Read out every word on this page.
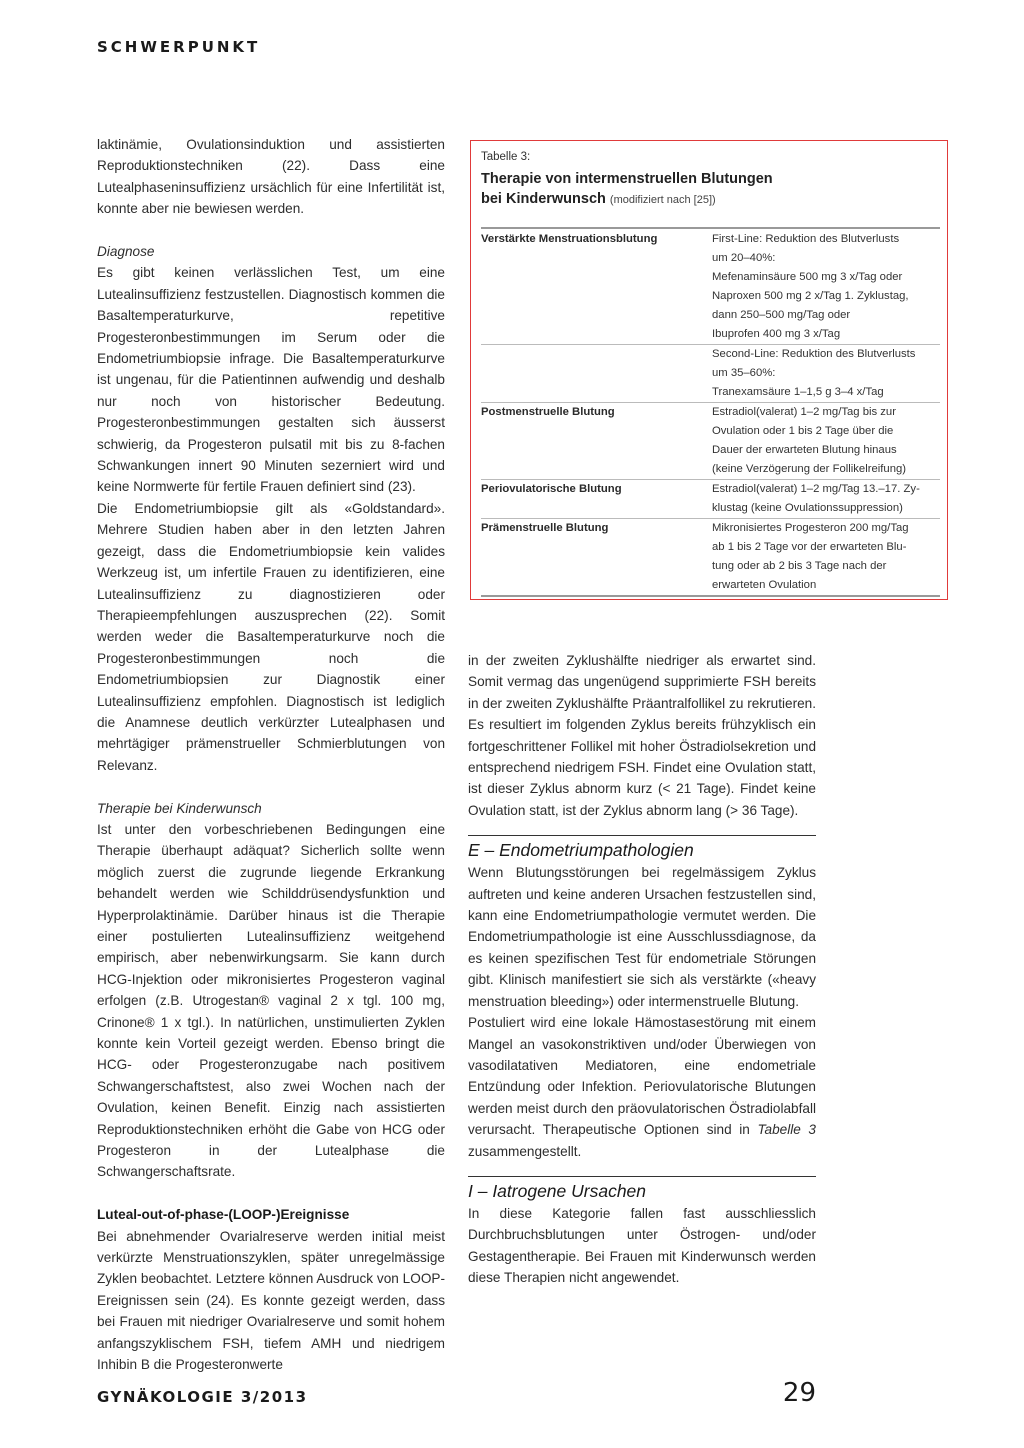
SCHWERPUNKT

laktinämie, Ovulationsinduktion und assistierten Reproduktionstechniken (22). Dass eine Lutealphaseninsuffizienz ursächlich für eine Infertilität ist, konnte aber nie bewiesen werden.

Diagnose

Es gibt keinen verlässlichen Test, um eine Lutealinsuffizienz festzustellen. Diagnostisch kommen die Basaltemperaturkurve, repetitive Progesteronbestimmungen im Serum oder die Endometriumbiopsie infrage. Die Basaltemperaturkurve ist ungenau, für die Patientinnen aufwendig und deshalb nur noch von historischer Bedeutung. Progesteronbestimmungen gestalten sich äusserst schwierig, da Progesteron pulsatil mit bis zu 8-fachen Schwankungen innert 90 Minuten sezerniert wird und keine Normwerte für fertile Frauen definiert sind (23).

Die Endometriumbiopsie gilt als «Goldstandard». Mehrere Studien haben aber in den letzten Jahren gezeigt, dass die Endometriumbiopsie kein valides Werkzeug ist, um infertile Frauen zu identifizieren, eine Lutealinsuffizienz zu diagnostizieren oder Therapieempfehlungen auszusprechen (22). Somit werden weder die Basaltemperaturkurve noch die Progesteronbestimmungen noch die Endometriumbiopsien zur Diagnostik einer Lutealinsuffizienz empfohlen. Diagnostisch ist lediglich die Anamnese deutlich verkürzter Lutealphasen und mehrtägiger prämenstrueller Schmierblutungen von Relevanz.

Therapie bei Kinderwunsch

Ist unter den vorbeschriebenen Bedingungen eine Therapie überhaupt adäquat? Sicherlich sollte wenn möglich zuerst die zugrunde liegende Erkrankung behandelt werden wie Schilddrüsendysfunktion und Hyperprolaktinämie. Darüber hinaus ist die Therapie einer postulierten Lutealinsuffizienz weitgehend empirisch, aber nebenwirkungsarm. Sie kann durch HCG-Injektion oder mikronisiertes Progesteron vaginal erfolgen (z.B. Utrogestan® vaginal 2 x tgl. 100 mg, Crinone® 1 x tgl.). In natürlichen, unstimulierten Zyklen konnte kein Vorteil gezeigt werden. Ebenso bringt die HCG- oder Progesteronzugabe nach positivem Schwangerschaftstest, also zwei Wochen nach der Ovulation, keinen Benefit. Einzig nach assistierten Reproduktionstechniken erhöht die Gabe von HCG oder Progesteron in der Lutealphase die Schwangerschaftsrate.

Luteal-out-of-phase-(LOOP-)Ereignisse

Bei abnehmender Ovarialreserve werden initial meist verkürzte Menstruationszyklen, später unregelmässige Zyklen beobachtet. Letztere können Ausdruck von LOOP-Ereignissen sein (24). Es konnte gezeigt werden, dass bei Frauen mit niedriger Ovarialreserve und somit hohem anfangszyklischem FSH, tiefem AMH und niedrigem Inhibin B die Progesteronwerte

Tabelle 3:
Therapie von intermenstruellen Blutungen
bei Kinderwunsch (modifiziert nach [25])
Verstärkte Menstruationsblutung	First-Line: Reduktion des Blutverlusts
um 20–40%:
Mefenaminsäure 500 mg 3 x/Tag oder
Naproxen 500 mg 2 x/Tag 1. Zyklustag,
dann 250–500 mg/Tag oder
Ibuprofen 400 mg 3 x/Tag
Second-Line: Reduktion des Blutverlusts
um 35–60%:
Tranexamsäure 1–1,5 g 3–4 x/Tag
Postmenstruelle Blutung	Estradiol(valerat) 1–2 mg/Tag bis zur
Ovulation oder 1 bis 2 Tage über die
Dauer der erwarteten Blutung hinaus
(keine Verzögerung der Follikelreifung)
Periovulatorische Blutung	Estradiol(valerat) 1–2 mg/Tag 13.–17. Zy-
klustag (keine Ovulationssuppression)
Prämenstruelle Blutung	Mikronisiertes Progesteron 200 mg/Tag
ab 1 bis 2 Tage vor der erwarteten Blu-
tung oder ab 2 bis 3 Tage nach der
erwarteten Ovulation

in der zweiten Zyklushälfte niedriger als erwartet sind. Somit vermag das ungenügend supprimierte FSH bereits in der zweiten Zyklushälfte Präantralfollikel zu rekrutieren. Es resultiert im folgenden Zyklus bereits frühzyklisch ein fortgeschrittener Follikel mit hoher Östradiolsekretion und entsprechend niedrigem FSH. Findet eine Ovulation statt, ist dieser Zyklus abnorm kurz (< 21 Tage). Findet keine Ovulation statt, ist der Zyklus abnorm lang (> 36 Tage).

E – Endometriumpathologien

Wenn Blutungsstörungen bei regelmässigem Zyklus auftreten und keine anderen Ursachen festzustellen sind, kann eine Endometriumpathologie vermutet werden. Die Endometriumpathologie ist eine Ausschlussdiagnose, da es keinen spezifischen Test für endometriale Störungen gibt. Klinisch manifestiert sie sich als verstärkte («heavy menstruation bleeding») oder intermenstruelle Blutung.

Postuliert wird eine lokale Hämostasestörung mit einem Mangel an vasokonstriktiven und/oder Überwiegen von vasodilatativen Mediatoren, eine endometriale Entzündung oder Infektion. Periovulatorische Blutungen werden meist durch den präovulatorischen Östradiolabfall verursacht. Therapeutische Optionen sind in Tabelle 3 zusammengestellt.

I – Iatrogene Ursachen

In diese Kategorie fallen fast ausschliesslich Durchbruchsblutungen unter Östrogen- und/oder Gestagentherapie. Bei Frauen mit Kinderwunsch werden diese Therapien nicht angewendet.

GYNÄKOLOGIE 3/2013	29
